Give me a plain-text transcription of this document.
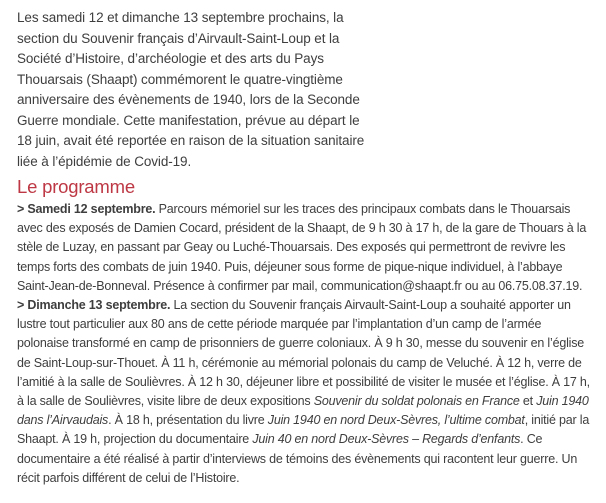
Les samedi 12 et dimanche 13 septembre prochains, la section du Souvenir français d’Airvault-Saint-Loup et la Société d’Histoire, d’archéologie et des arts du Pays Thouarsais (Shaapt) commémorent le quatre-vingtième anniversaire des évènements de 1940, lors de la Seconde Guerre mondiale. Cette manifestation, prévue au départ le 18 juin, avait été reportée en raison de la situation sanitaire liée à l’épidémie de Covid-19.

Le programme

> Samedi 12 septembre. Parcours mémoriel sur les traces des principaux combats dans le Thouarsais avec des exposés de Damien Cocard, président de la Shaapt, de 9 h 30 à 17 h, de la gare de Thouars à la stèle de Luzay, en passant par Geay ou Luché-Thouarsais. Des exposés qui permettront de revivre les temps forts des combats de juin 1940. Puis, déjeuner sous forme de pique-nique individuel, à l’abbaye Saint-Jean-de-Bonneval. Présence à confirmer par mail, communication@shaapt.fr ou au 06.75.08.37.19.

> Dimanche 13 septembre. La section du Souvenir français Airvault-Saint-Loup a souhaité apporter un lustre tout particulier aux 80 ans de cette période marquée par l’implantation d’un camp de l’armée polonaise transformé en camp de prisonniers de guerre coloniaux. À 9 h 30, messe du souvenir en l’église de Saint-Loup-sur-Thouet. À 11 h, cérémonie au mémorial polonais du camp de Veluché. À 12 h, verre de l’amitié à la salle de Soulièvres. À 12 h 30, déjeuner libre et possibilité de visiter le musée et l’église. À 17 h, à la salle de Soulièvres, visite libre de deux expositions Souvenir du soldat polonais en France et Juin 1940 dans l’Airvaudais. À 18 h, présentation du livre Juin 1940 en nord Deux-Sèvres, l’ultime combat, initié par la Shaapt. À 19 h, projection du documentaire Juin 40 en nord Deux-Sèvres – Regards d’enfants. Ce documentaire a été réalisé à partir d’interviews de témoins des évènements qui racontent leur guerre. Un récit parfois différent de celui de l’Histoire.
